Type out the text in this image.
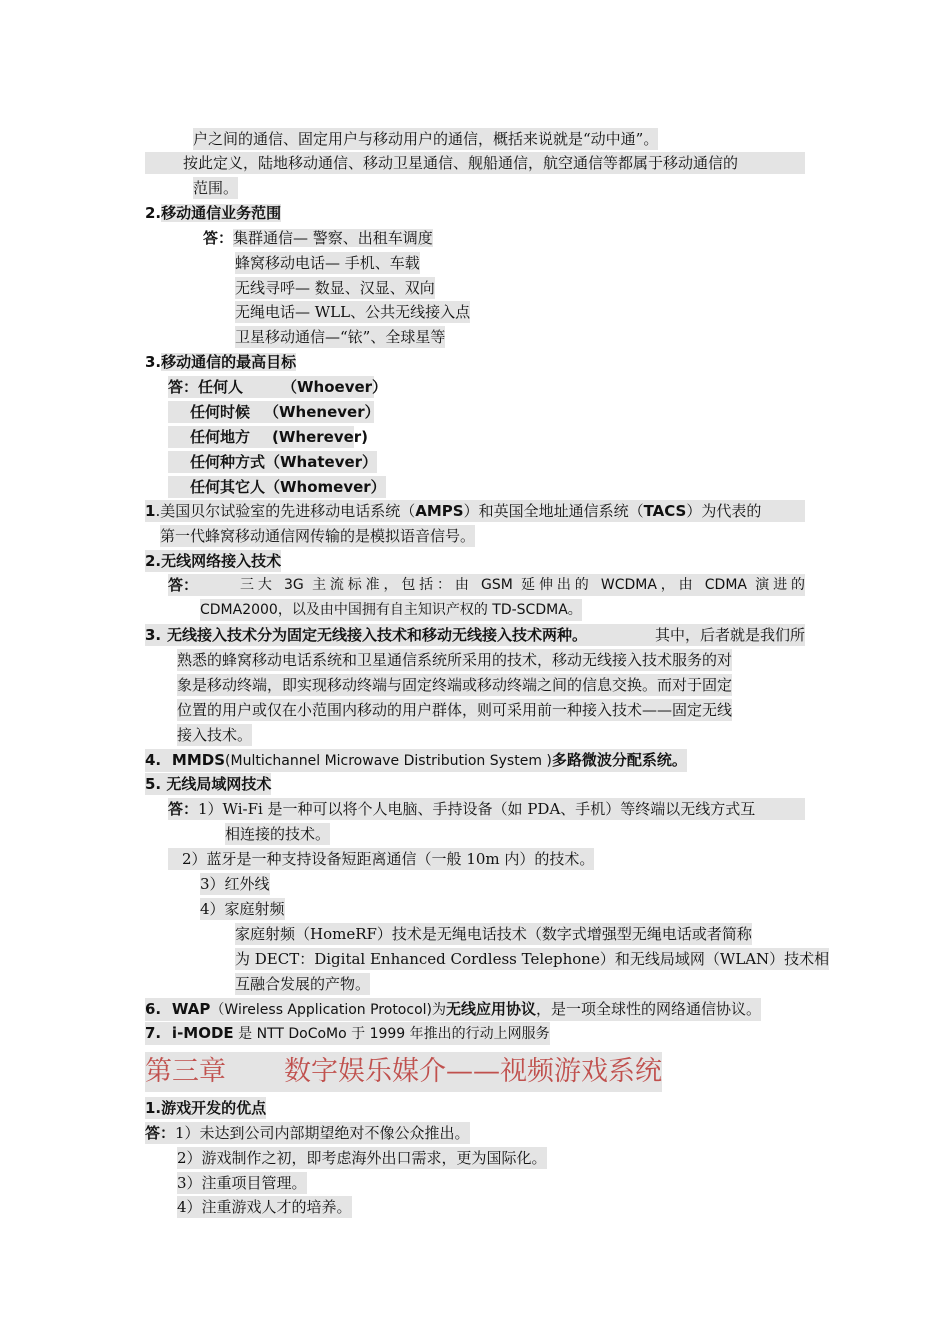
户之间的通信、固定用户与移动用户的通信，概括来说就是“动中通”。
按此定义，陆地移动通信、移动卫星通信、舰船通信，航空通信等都属于移动通信的
范围。
2.移动通信业务范围
答：集群通信— 警察、出租车调度
蜂窝移动电话— 手机、车载
无线寻呼— 数显、汉显、双向
无绳电话— WLL、公共无线接入点
卫星移动通信—“铱”、全球星等
3.移动通信的最高目标
答：任何人	（Whoever）
任何时候 （Whenever）
任何地方 (Wherever)
任何种方式（Whatever）
任何其它人（Whomever）
1.美国贝尔试验室的先进移动电话系统（AMPS）和英国全地址通信系统（TACS）为代表的
第一代蜂窝移动通信网传输的是模拟语音信号。
2.无线网络接入技术
答：	三大 3G 主流标准，包括：由 GSM 延伸出的 WCDMA，由 CDMA 演进的
CDMA2000，以及由中国拥有自主知识产权的 TD-SCDMA。
3. 无线接入技术分为固定无线接入技术和移动无线接入技术两种。	其中，后者就是我们所
熟悉的蜂窝移动电话系统和卫星通信系统所采用的技术，移动无线接入技术服务的对
象是移动终端，即实现移动终端与固定终端或移动终端之间的信息交换。而对于固定
位置的用户或仅在小范围内移动的用户群体，则可采用前一种接入技术——固定无线
接入技术。
4. MMDS(Multichannel Microwave Distribution System )多路微波分配系统。
5. 无线局域网技术
答：1）Wi-Fi 是一种可以将个人电脑、手持设备（如 PDA、手机）等终端以无线方式互
相连接的技术。
2）蓝牙是一种支持设备短距离通信（一般 10m 内）的技术。
3）红外线
4）家庭射频
家庭射频（HomeRF）技术是无绳电话技术（数字式增强型无绳电话或者简称
为 DECT：Digital Enhanced Cordless Telephone）和无线局域网（WLAN）技术相
互融合发展的产物。
6. WAP（Wireless Application Protocol)为无线应用协议，是一项全球性的网络通信协议。
7. i-MODE 是 NTT DoCoMo 于 1999 年推出的行动上网服务
第三章 数字娱乐媒介——视频游戏系统
1.游戏开发的优点
答：1）未达到公司内部期望绝对不像公众推出。
2）游戏制作之初，即考虑海外出口需求，更为国际化。
3）注重项目管理。
4）注重游戏人才的培养。
